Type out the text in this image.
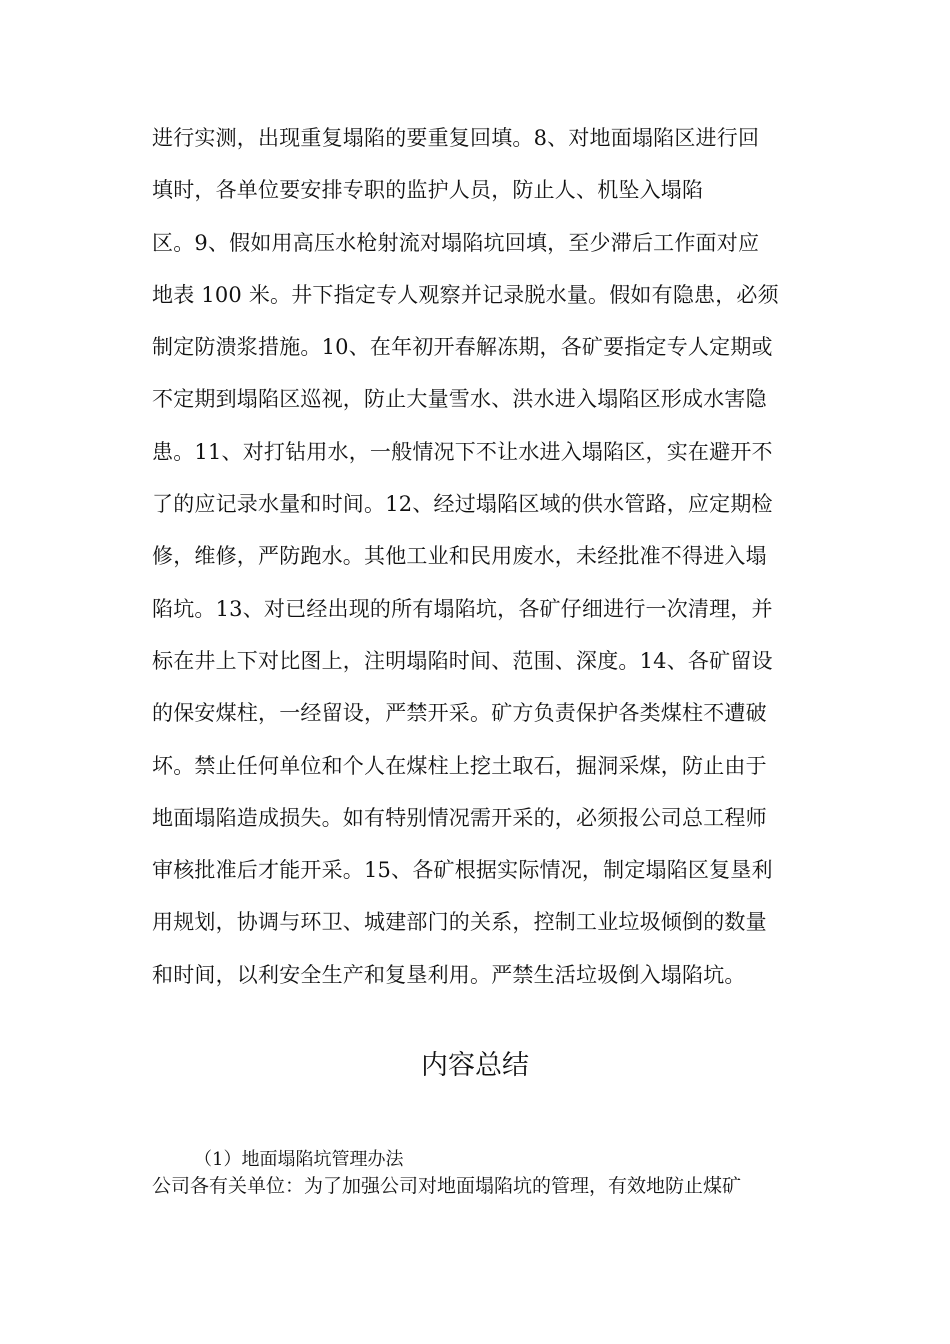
进行实测，出现重复塌陷的要重复回填。8、对地面塌陷区进行回
填时，各单位要安排专职的监护人员，防止人、机坠入塌陷
区。9、假如用高压水枪射流对塌陷坑回填，至少滞后工作面对应
地表 100 米。井下指定专人观察并记录脱水量。假如有隐患，必须
制定防溃浆措施。10、在年初开春解冻期，各矿要指定专人定期或
不定期到塌陷区巡视，防止大量雪水、洪水进入塌陷区形成水害隐
患。11、对打钻用水，一般情况下不让水进入塌陷区，实在避开不
了的应记录水量和时间。12、经过塌陷区域的供水管路，应定期检
修，维修，严防跑水。其他工业和民用废水，未经批准不得进入塌
陷坑。13、对已经出现的所有塌陷坑，各矿仔细进行一次清理，并
标在井上下对比图上，注明塌陷时间、范围、深度。14、各矿留设
的保安煤柱，一经留设，严禁开采。矿方负责保护各类煤柱不遭破
坏。禁止任何单位和个人在煤柱上挖土取石，掘洞采煤，防止由于
地面塌陷造成损失。如有特别情况需开采的，必须报公司总工程师
审核批准后才能开采。15、各矿根据实际情况，制定塌陷区复垦利
用规划，协调与环卫、城建部门的关系，控制工业垃圾倾倒的数量
和时间，以利安全生产和复垦利用。严禁生活垃圾倒入塌陷坑。
内容总结
（1）地面塌陷坑管理办法
公司各有关单位：为了加强公司对地面塌陷坑的管理，有效地防止煤矿
